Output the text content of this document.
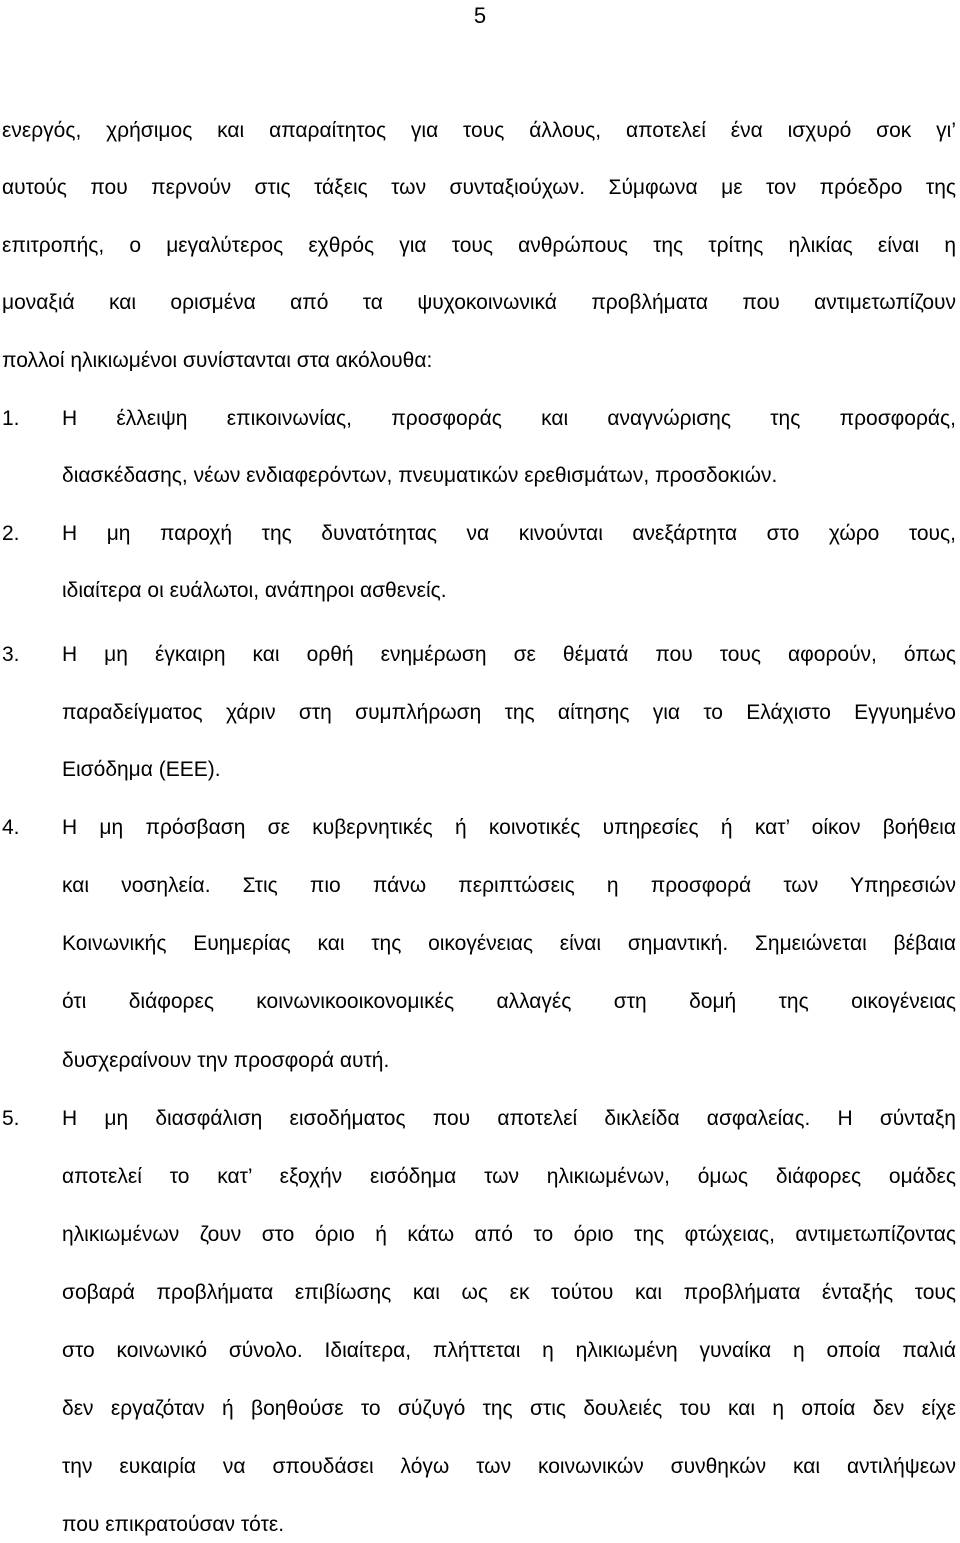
5
ενεργός, χρήσιμος και απαραίτητος για τους άλλους, αποτελεί ένα ισχυρό σοκ γι’
αυτούς που περνούν στις τάξεις των συνταξιούχων. Σύμφωνα με τον πρόεδρο της
επιτροπής, ο μεγαλύτερος εχθρός για τους ανθρώπους της τρίτης ηλικίας είναι η
μοναξιά και ορισμένα από τα ψυχοκοινωνικά προβλήματα που αντιμετωπίζουν
πολλοί ηλικιωμένοι συνίστανται στα ακόλουθα:
1. Η έλλειψη επικοινωνίας, προσφοράς και αναγνώρισης της προσφοράς,
διασκέδασης, νέων ενδιαφερόντων, πνευματικών ερεθισμάτων, προσδοκιών.
2. Η μη παροχή της δυνατότητας να κινούνται ανεξάρτητα στο χώρο τους,
ιδιαίτερα οι ευάλωτοι, ανάπηροι ασθενείς.
3. Η μη έγκαιρη και ορθή ενημέρωση σε θέματά που τους αφορούν, όπως
παραδείγματος χάριν στη συμπλήρωση της αίτησης για το Ελάχιστο Εγγυημένο
Εισόδημα (ΕΕΕ).
4. Η μη πρόσβαση σε κυβερνητικές ή κοινοτικές υπηρεσίες ή κατ’ οίκον βοήθεια
και νοσηλεία. Στις πιο πάνω περιπτώσεις η προσφορά των Υπηρεσιών
Κοινωνικής Ευημερίας και της οικογένειας είναι σημαντική. Σημειώνεται βέβαια
ότι διάφορες κοινωνικοοικονομικές αλλαγές στη δομή της οικογένειας
δυσχεραίνουν την προσφορά αυτή.
5. Η μη διασφάλιση εισοδήματος που αποτελεί δικλείδα ασφαλείας. Η σύνταξη
αποτελεί το κατ’ εξοχήν εισόδημα των ηλικιωμένων, όμως διάφορες ομάδες
ηλικιωμένων ζουν στο όριο ή κάτω από το όριο της φτώχειας, αντιμετωπίζοντας
σοβαρά προβλήματα επιβίωσης και ως εκ τούτου και προβλήματα ένταξής τους
στο κοινωνικό σύνολο. Ιδιαίτερα, πλήττεται η ηλικιωμένη γυναίκα η οποία παλιά
δεν εργαζόταν ή βοηθούσε το σύζυγό της στις δουλειές του και η οποία δεν είχε
την ευκαιρία να σπουδάσει λόγω των κοινωνικών συνθηκών και αντιλήψεων
που επικρατούσαν τότε.
